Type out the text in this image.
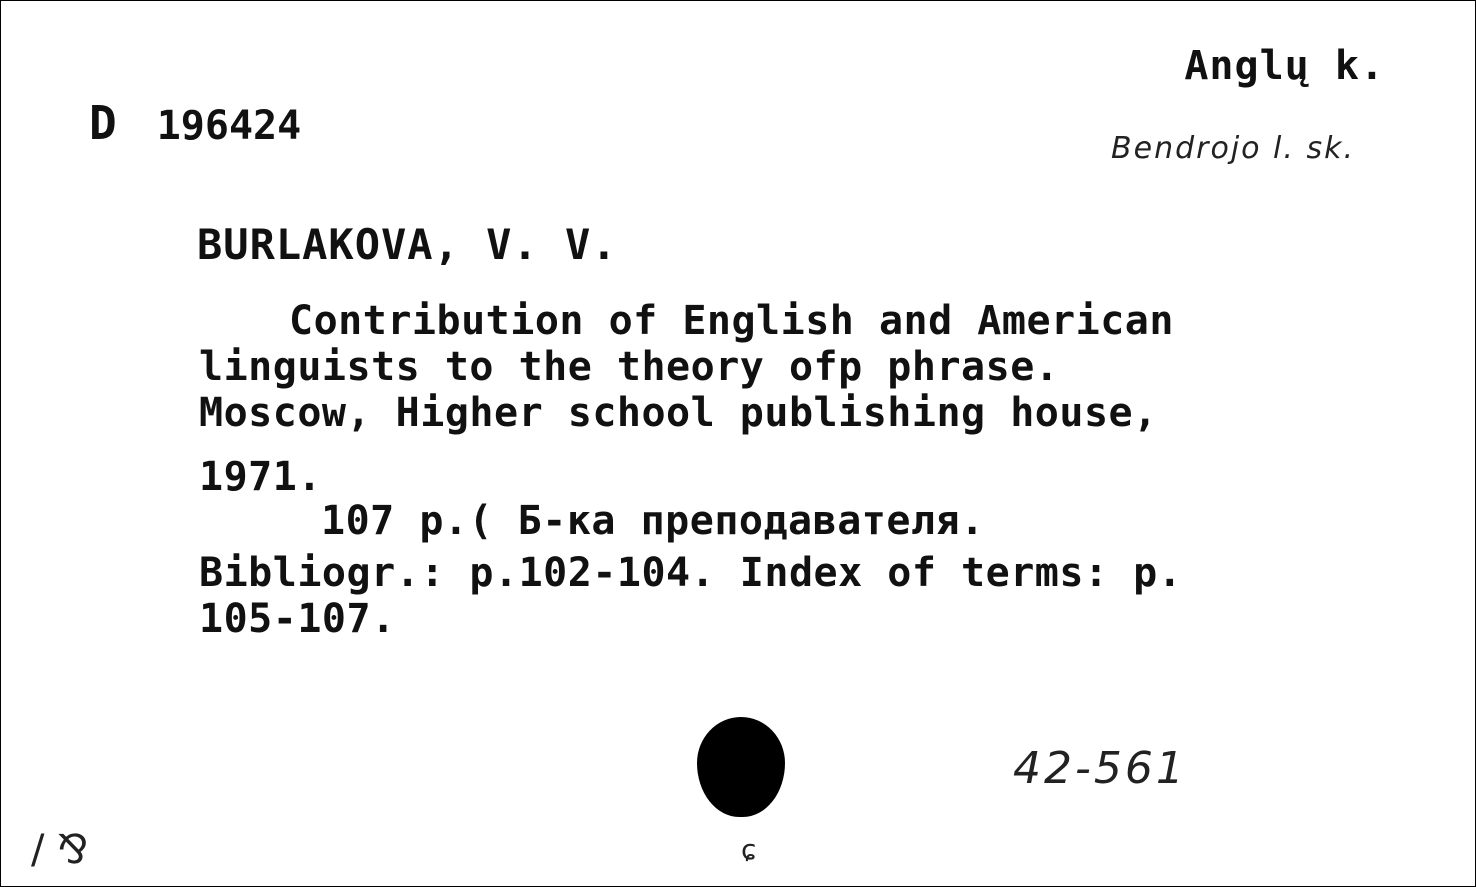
D 196424
Anglų k.
Bendrojo l. sk.
BURLAKOVA, V. V.
Contribution of English and American
linguists to the theory ofp phrase.
Moscow, Higher school publishing house,
1971.
107 p.( Б-ка преподавателя.
Bibliogr.: p.102-104. Index of terms: p.
105-107.
42-561
/ ⅋	ɕ
